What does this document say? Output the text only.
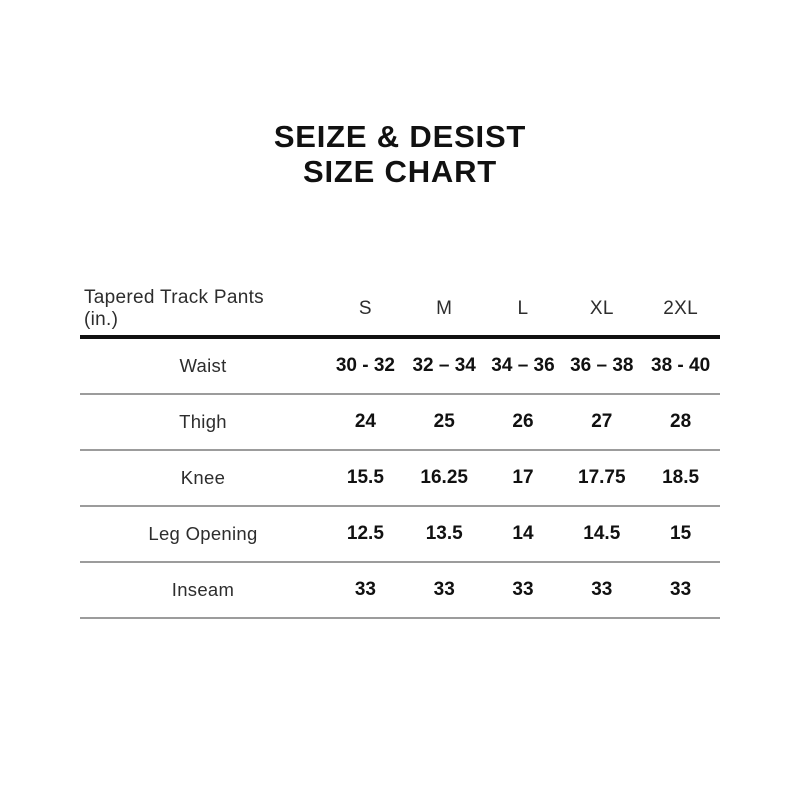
SEIZE & DESIST
SIZE CHART
Tapered Track Pants
(in.)	S	M	L	XL	2XL
Waist	30 - 32	32 – 34	34 – 36	36 – 38	38 - 40
Thigh	24	25	26	27	28
Knee	15.5	16.25	17	17.75	18.5
Leg Opening	12.5	13.5	14	14.5	15
Inseam	33	33	33	33	33
